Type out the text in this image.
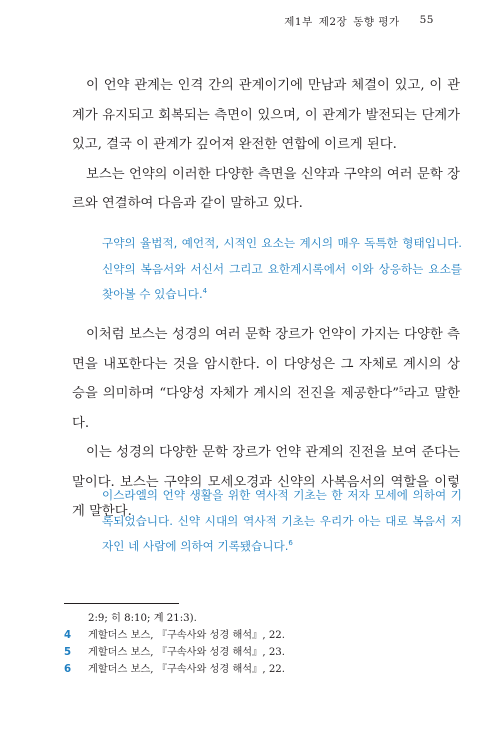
제1부 제2장 동향 평가 55

이 언약 관계는 인격 간의 관계이기에 만남과 체결이 있고, 이 관계가 유지되고 회복되는 측면이 있으며, 이 관계가 발전되는 단계가 있고, 결국 이 관계가 깊어져 완전한 연합에 이르게 된다.

보스는 언약의 이러한 다양한 측면을 신약과 구약의 여러 문학 장르와 연결하여 다음과 같이 말하고 있다.

구약의 율법적, 예언적, 시적인 요소는 계시의 매우 독특한 형태입니다. 신약의 복음서와 서신서 그리고 요한계시록에서 이와 상응하는 요소를 찾아볼 수 있습니다.$^4$

이처럼 보스는 성경의 여러 문학 장르가 언약이 가지는 다양한 측면을 내포한다는 것을 암시한다. 이 다양성은 그 자체로 계시의 상승을 의미하며 “다양성 자체가 계시의 전진을 제공한다”$^5$라고 말한다.

이는 성경의 다양한 문학 장르가 언약 관계의 진전을 보여 준다는 말이다. 보스는 구약의 모세오경과 신약의 사복음서의 역할을 이렇게 말한다.

이스라엘의 언약 생활을 위한 역사적 기초는 한 저자 모세에 의하여 기록되었습니다. 신약 시대의 역사적 기초는 우리가 아는 대로 복음서 저자인 네 사람에 의하여 기록됐습니다.$^6$

2:9; 히 8:10; 계 21:3).
4	게할더스 보스, 『구속사와 성경 해석』, 22.
5	게할더스 보스, 『구속사와 성경 해석』, 23.
6	게할더스 보스, 『구속사와 성경 해석』, 22.
